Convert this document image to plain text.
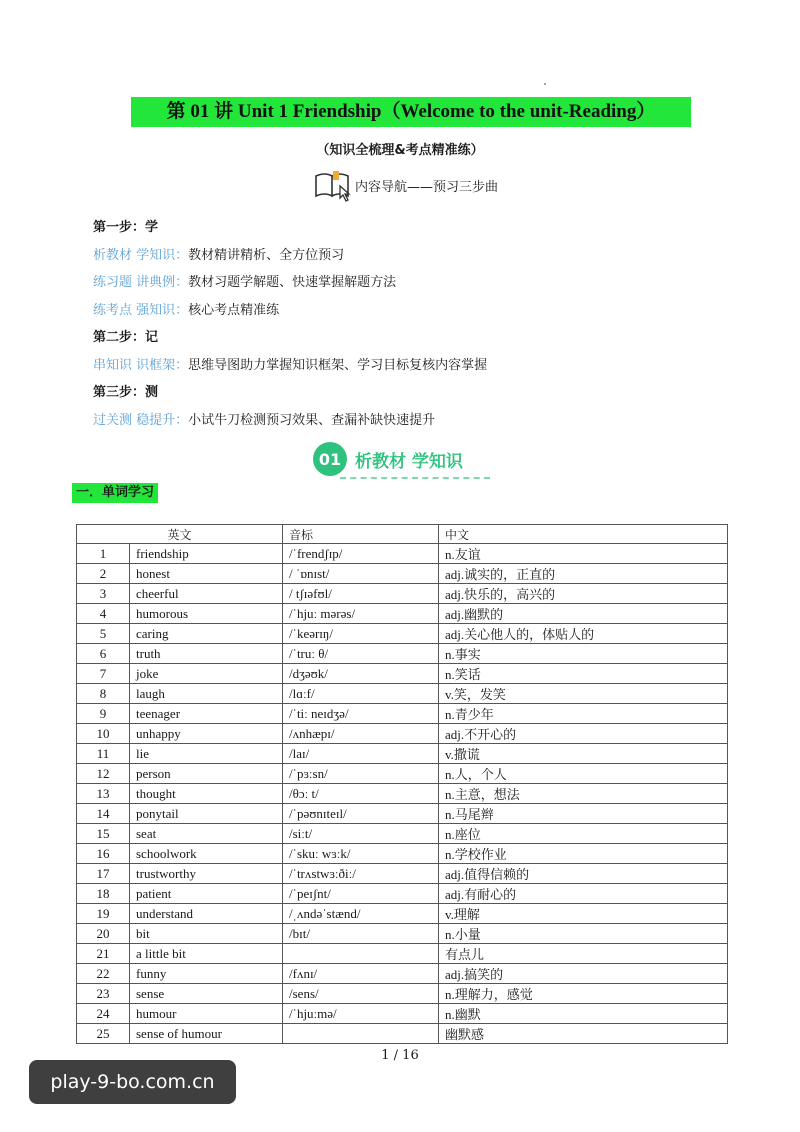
第 01 讲 Unit 1 Friendship（Welcome to the unit-Reading）
（知识全梳理&考点精准练）
内容导航——预习三步曲
第一步：学
析教材 学知识：教材精讲精析、全方位预习
练习题 讲典例：教材习题学解题、快速掌握解题方法
练考点 强知识：核心考点精准练
第二步：记
串知识 识框架：思维导图助力掌握知识框架、学习目标复核内容掌握
第三步：测
过关测 稳提升：小试牛刀检测预习效果、查漏补缺快速提升
01 析教材 学知识
一．单词学习
英文		音标	中文
1	friendship	/ˈfrendʃɪp/	n.友谊
2	honest	/ ˈɒnɪst/	adj.诚实的，正直的
3	cheerful	/ tʃɪəfʊl/	adj.快乐的，高兴的
4	humorous	/ˈhjuː mərəs/	adj.幽默的
5	caring	/ˈkeərɪŋ/	adj.关心他人的，体贴人的
6	truth	/ˈtruː θ/	n.事实
7	joke	/dʒəʊk/	n.笑话
8	laugh	/lɑːf/	v.笑，发笑
9	teenager	/ˈtiː neɪdʒə/	n.青少年
10	unhappy	/ʌnhæpɪ/	adj.不开心的
11	lie	/laɪ/	v.撒谎
12	person	/ˈpɜːsn/	n.人，个人
13	thought	/θɔː t/	n.主意，想法
14	ponytail	/ˈpəʊnɪteɪl/	n.马尾辫
15	seat	/siːt/	n.座位
16	schoolwork	/ˈskuː wɜːk/	n.学校作业
17	trustworthy	/ˈtrʌstwɜːðiː/	adj.值得信赖的
18	patient	/ˈpeɪʃnt/	adj.有耐心的
19	understand	/ˌʌndəˈstænd/	v.理解
20	bit	/bɪt/	n.小量
21	a little bit		有点儿
22	funny	/fʌnɪ/	adj.搞笑的
23	sense	/sens/	n.理解力，感觉
24	humour	/ˈhjuːmə/	n.幽默
25	sense of humour		幽默感
1 / 16
play-9-bo.com.cn
